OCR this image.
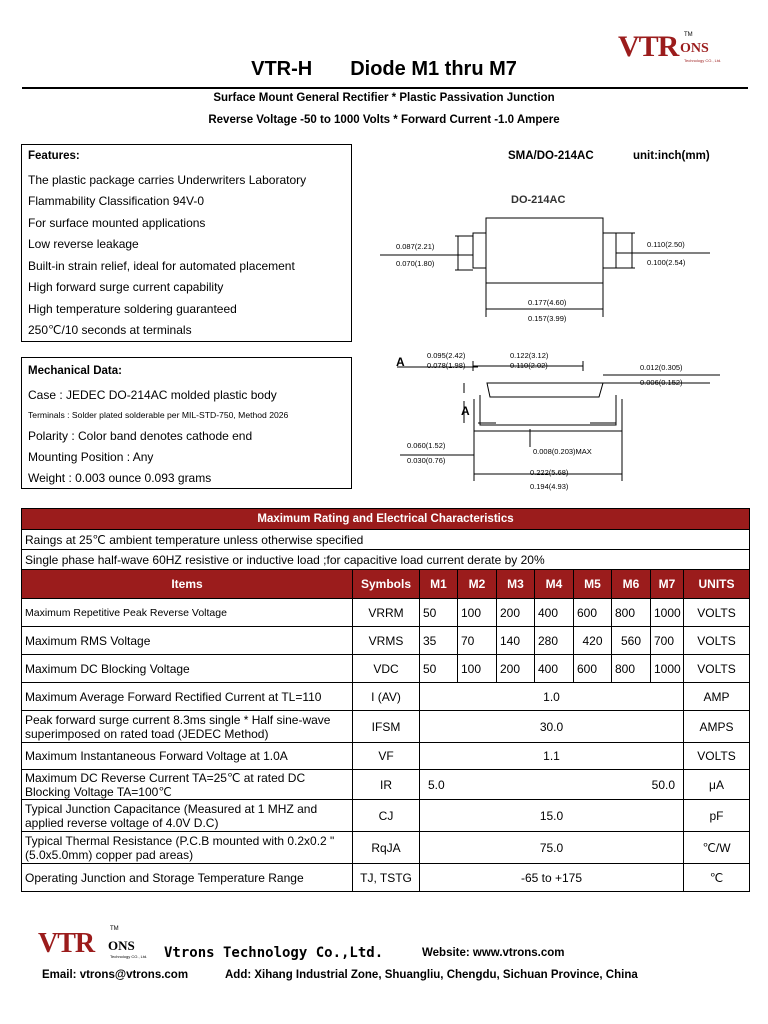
VTR ONS
TM
Technology CO., Ltd.
VTR-H Diode M1 thru M7
Surface Mount General Rectifier * Plastic Passivation Junction
Reverse Voltage -50 to 1000 Volts * Forward Current -1.0 Ampere
Features:
The plastic package carries Underwriters Laboratory
Flammability Classification 94V-0
For surface mounted applications
Low reverse leakage
Built-in strain relief, ideal for automated placement
High forward surge current capability
High temperature soldering guaranteed
250℃/10 seconds at terminals
Mechanical Data:
Case : JEDEC DO-214AC molded plastic body
Terminals : Solder plated solderable per MIL-STD-750, Method 2026
Polarity : Color band denotes cathode end
Mounting Position : Any
Weight : 0.003 ounce 0.093 grams
SMA/DO-214AC	unit:inch(mm)
DO-214AC
0.087(2.21)
0.070(1.80)
0.110(2.50)
0.100(2.54)
0.177(4.60)
0.157(3.99)
0.095(2.42)
0.078(1.98)
0.122(3.12)
0.110(2.02)	0.012(0.305)
0.006(0.152)
0.060(1.52)
0.030(0.76)
0.008(0.203)MAX
0.222(5.68)
0.194(4.93)
A
A
Maximum Rating and Electrical Characteristics									
Raings at 25℃ ambient temperature unless otherwise specified									
Single phase half-wave 60HZ resistive or inductive load ;for capacitive load current derate by 20%									
Items	Symbols	M1	M2	M3	M4	M5	M6	M7	UNITS
Maximum Repetitive Peak Reverse Voltage	VRRM	50	100	200	400	600	800	1000	VOLTS
Maximum RMS Voltage	VRMS	35	70	140	280	420	560	700	VOLTS
Maximum DC Blocking Voltage	VDC	50	100	200	400	600	800	1000	VOLTS
Maximum Average Forward Rectified Current at TL=110	I (AV)	1.0							AMP
Peak forward surge current 8.3ms single * Half sine-wave superimposed on rated toad (JEDEC Method)	IFSM	30.0							AMPS
Maximum Instantaneous Forward Voltage at 1.0A	VF	1.1							VOLTS
Maximum DC Reverse Current TA=25℃ at rated DC Blocking Voltage TA=100℃	IR	5.0 50.0							μA
Typical Junction Capacitance (Measured at 1 MHZ and applied reverse voltage of 4.0V D.C)	CJ	15.0							pF
Typical Thermal Resistance (P.C.B mounted with 0.2x0.2 " (5.0x5.0mm) copper pad areas)	RqJA	75.0							℃/W
Operating Junction and Storage Temperature Range	TJ, TSTG	-65 to +175							℃
VTR ONS
TM
Technology CO., Ltd. Vtrons Technology Co.,Ltd.	Website: www.vtrons.com
Email: vtrons@vtrons.com	Add: Xihang Industrial Zone, Shuangliu, Chengdu, Sichuan Province, China
